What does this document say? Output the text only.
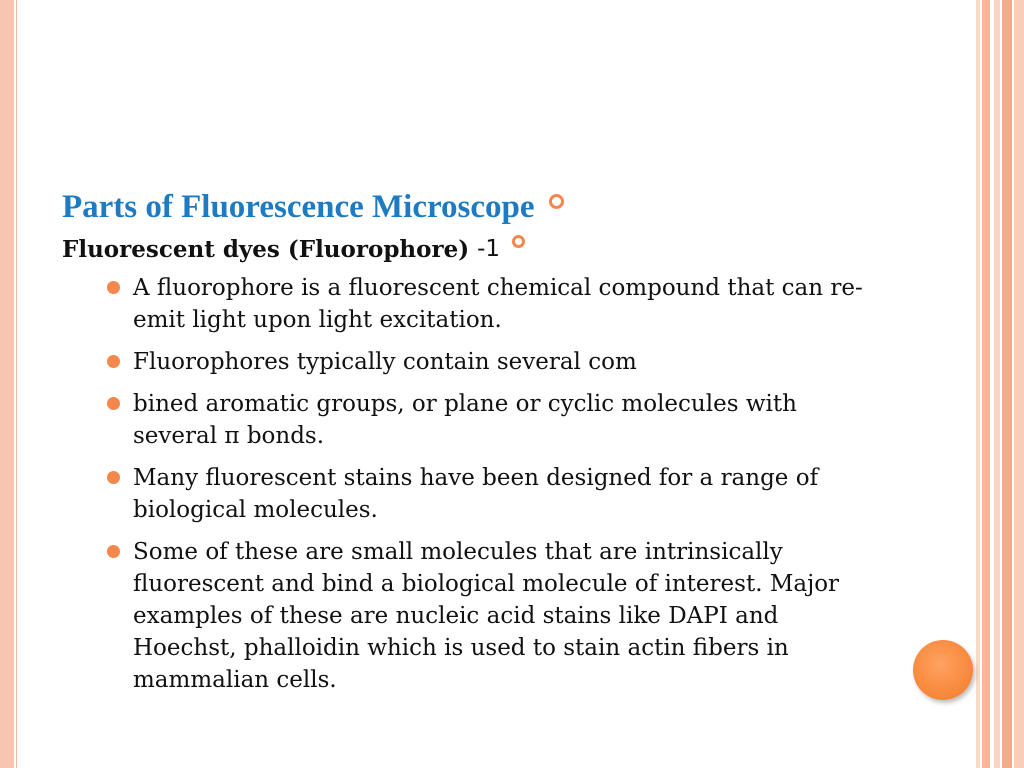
Parts of Fluorescence Microscope
Fluorescent dyes (Fluorophore) -1
A fluorophore is a fluorescent chemical compound that can re-emit light upon light excitation.
Fluorophores typically contain several com
bined aromatic groups, or plane or cyclic molecules with several π bonds.
Many fluorescent stains have been designed for a range of biological molecules.
Some of these are small molecules that are intrinsically fluorescent and bind a biological molecule of interest. Major examples of these are nucleic acid stains like DAPI and Hoechst, phalloidin which is used to stain actin fibers in mammalian cells.
